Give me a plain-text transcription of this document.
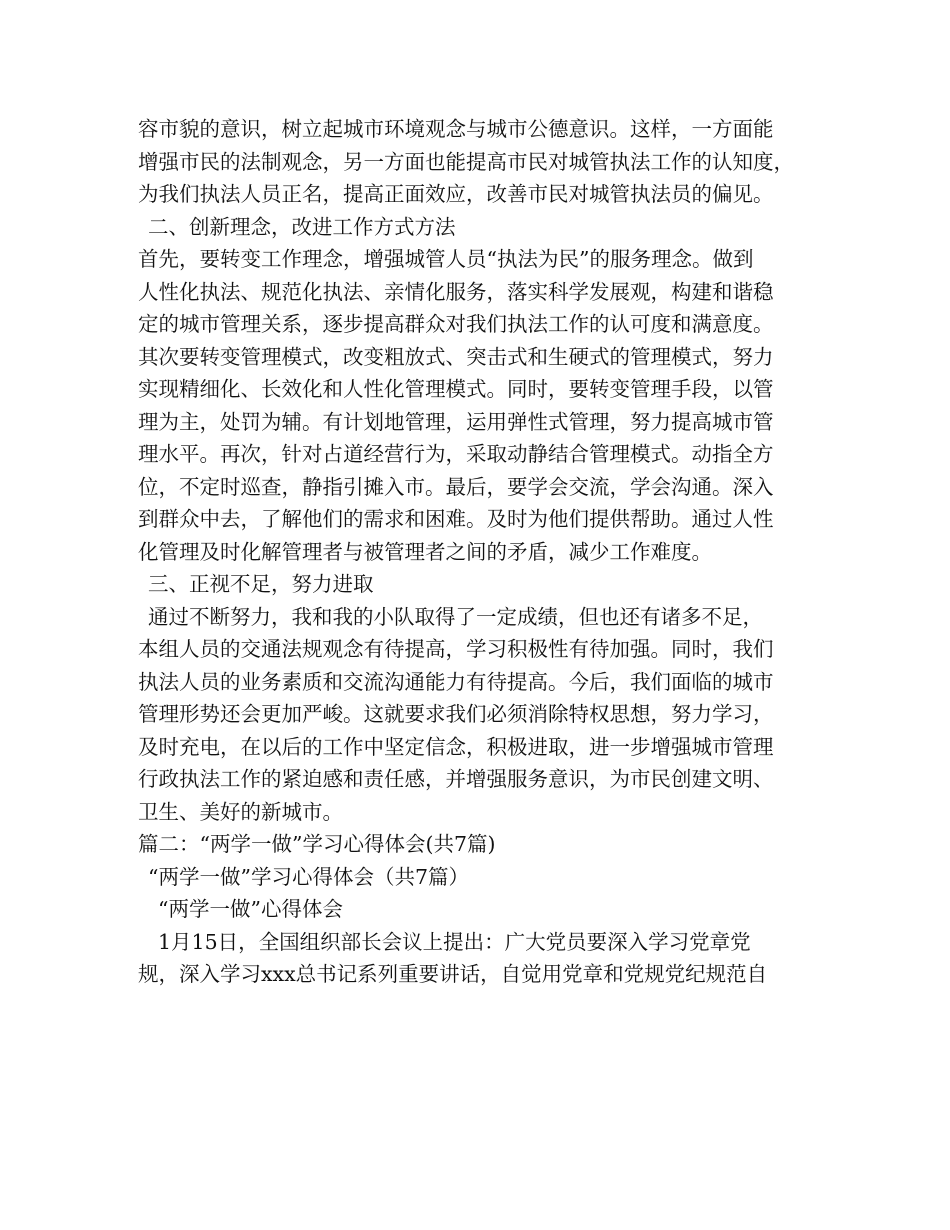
容市貌的意识，树立起城市环境观念与城市公德意识。这样，一方面能
增强市民的法制观念，另一方面也能提高市民对城管执法工作的认知度，
为我们执法人员正名，提高正面效应，改善市民对城管执法员的偏见。
二、创新理念，改进工作方式方法
首先，要转变工作理念，增强城管人员“执法为民”的服务理念。做到
人性化执法、规范化执法、亲情化服务，落实科学发展观，构建和谐稳
定的城市管理关系，逐步提高群众对我们执法工作的认可度和满意度。
其次要转变管理模式，改变粗放式、突击式和生硬式的管理模式，努力
实现精细化、长效化和人性化管理模式。同时，要转变管理手段，以管
理为主，处罚为辅。有计划地管理，运用弹性式管理，努力提高城市管
理水平。再次，针对占道经营行为，采取动静结合管理模式。动指全方
位，不定时巡查，静指引摊入市。最后，要学会交流，学会沟通。深入
到群众中去，了解他们的需求和困难。及时为他们提供帮助。通过人性
化管理及时化解管理者与被管理者之间的矛盾，减少工作难度。
三、正视不足，努力进取
通过不断努力，我和我的小队取得了一定成绩，但也还有诸多不足，
本组人员的交通法规观念有待提高，学习积极性有待加强。同时，我们
执法人员的业务素质和交流沟通能力有待提高。今后，我们面临的城市
管理形势还会更加严峻。这就要求我们必须消除特权思想，努力学习，
及时充电，在以后的工作中坚定信念，积极进取，进一步增强城市管理
行政执法工作的紧迫感和责任感，并增强服务意识，为市民创建文明、
卫生、美好的新城市。
篇二：“两学一做”学习心得体会(共7篇)
“两学一做”学习心得体会（共7篇）
“两学一做”心得体会
1月15日，全国组织部长会议上提出：广大党员要深入学习党章党
规，深入学习xxx总书记系列重要讲话，自觉用党章和党规党纪规范自
